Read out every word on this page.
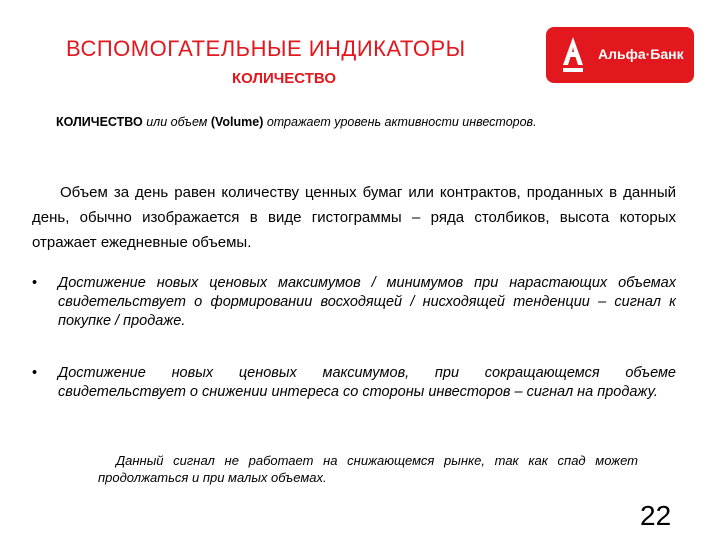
ВСПОМОГАТЕЛЬНЫЕ ИНДИКАТОРЫ
КОЛИЧЕСТВО
Альфа·Банк
КОЛИЧЕСТВО или объем (Volume) отражает уровень активности инвесторов.

Объем за день равен количеству ценных бумаг или контрактов, проданных в данный день, обычно изображается в виде гистограммы – ряда столбиков, высота которых отражает ежедневные объемы.

• Достижение новых ценовых максимумов / минимумов при нарастающих объемах свидетельствует о формировании восходящей / нисходящей тенденции – сигнал к покупке / продаже.
• Достижение новых ценовых максимумов, при сокращающемся объеме свидетельствует о снижении интереса со стороны инвесторов – сигнал на продажу.

Данный сигнал не работает на снижающемся рынке, так как спад может продолжаться и при малых объемах.

22
